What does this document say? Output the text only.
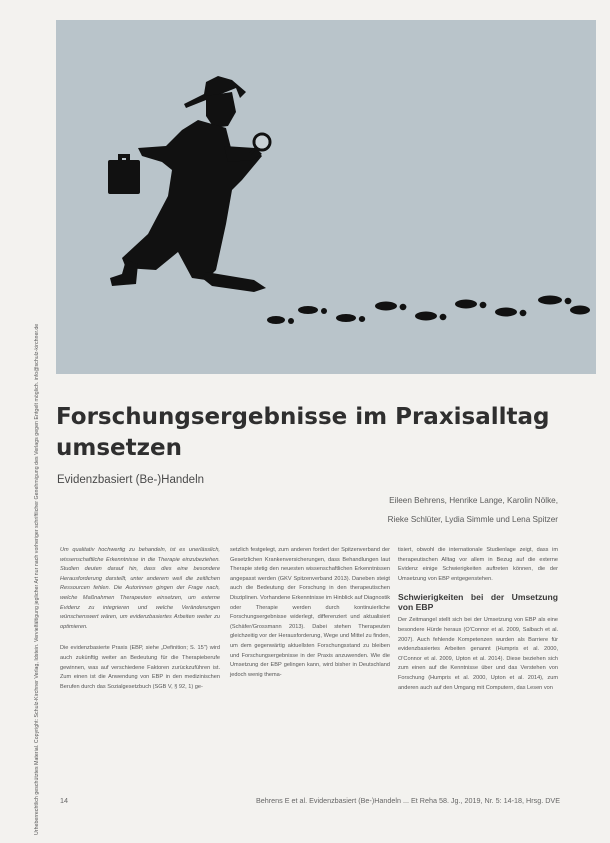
Urheberrechtlich geschütztes Material. Copyright: Schulz-Kirchner Verlag, Idstein. Vervielfältigung jeglicher Art nur nach vorheriger schriftlicher Genehmigung des Verlags gegen Entgelt möglich. info@schulz-kirchner.de Forschungsergebnisse im Praxisalltag umsetzen
Evidenzbasiert (Be-)Handeln
Eileen Behrens, Henrike Lange, Karolin Nölke,
Rieke Schlüter, Lydia Simmle und Lena Spitzer

Um qualitativ hochwertig zu behandeln, ist es unerlässlich, wissenschaftliche Erkenntnisse in die Therapie einzubeziehen. Studien deuten darauf hin, dass dies eine besondere Herausforderung darstellt, unter anderem weil die zeitlichen Ressourcen fehlen. Die Autorinnen gingen der Frage nach, welche Maßnahmen Therapeuten einsetzen, um externe Evidenz zu integrieren und welche Veränderungen wünschenswert wären, um evidenzbasiertes Arbeiten weiter zu optimieren.

Die evidenzbasierte Praxis (EBP, siehe „Definition; S. 15") wird auch zukünftig weiter an Bedeutung für die Therapieberufe gewinnen, was auf verschiedene Faktoren zurückzuführen ist. Zum einen ist die Anwendung von EBP in den medizinischen Berufen durch das Sozialgesetzbuch (SGB V, § 92, 1) ge-

setzlich festgelegt, zum anderen fordert der Spitzenverband der Gesetzlichen Krankenversicherungen, dass Behandlungen laut Therapie stetig den neuesten wissenschaftlichen Erkenntnissen angepasst werden (GKV Spitzenverband 2013). Daneben steigt auch die Bedeutung der Forschung in den therapeutischen Disziplinen. Vorhandene Erkenntnisse im Hinblick auf Diagnostik oder Therapie werden durch kontinuierliche Forschungsergebnisse widerlegt, differenziert und aktualisiert (Schäfer/Grossmann 2013). Dabei stehen Therapeuten gleichzeitig vor der Herausforderung, Wege und Mittel zu finden, um dem gegenwärtig aktuellsten Forschungsstand zu bleiben und Forschungsergebnisse in der Praxis anzuwenden. Wie die Umsetzung der EBP gelingen kann, wird bisher in Deutschland jedoch wenig thema-

tisiert, obwohl die internationale Studienlage zeigt, dass im therapeutischen Alltag vor allem in Bezug auf die externe Evidenz einige Schwierigkeiten auftreten können, die der Umsetzung von EBP entgegenstehen.

Schwierigkeiten bei der Umsetzung von EBP

Der Zeitmangel stellt sich bei der Umsetzung von EBP als eine besondere Hürde heraus (O'Connor et al. 2009, Salbach et al. 2007). Auch fehlende Kompetenzen wurden als Barriere für evidenzbasiertes Arbeiten genannt (Humpris et al. 2000, O'Connor et al. 2009, Upton et al. 2014). Diese beziehen sich zum einen auf die Kenntnisse über und das Verstehen von Forschung (Humpris et al. 2000, Upton et al. 2014), zum anderen auch auf den Umgang mit Computern, das Lesen von

14	Behrens E et al. Evidenzbasiert (Be-)Handeln ... Et Reha 58. Jg., 2019, Nr. 5: 14-18, Hrsg. DVE
